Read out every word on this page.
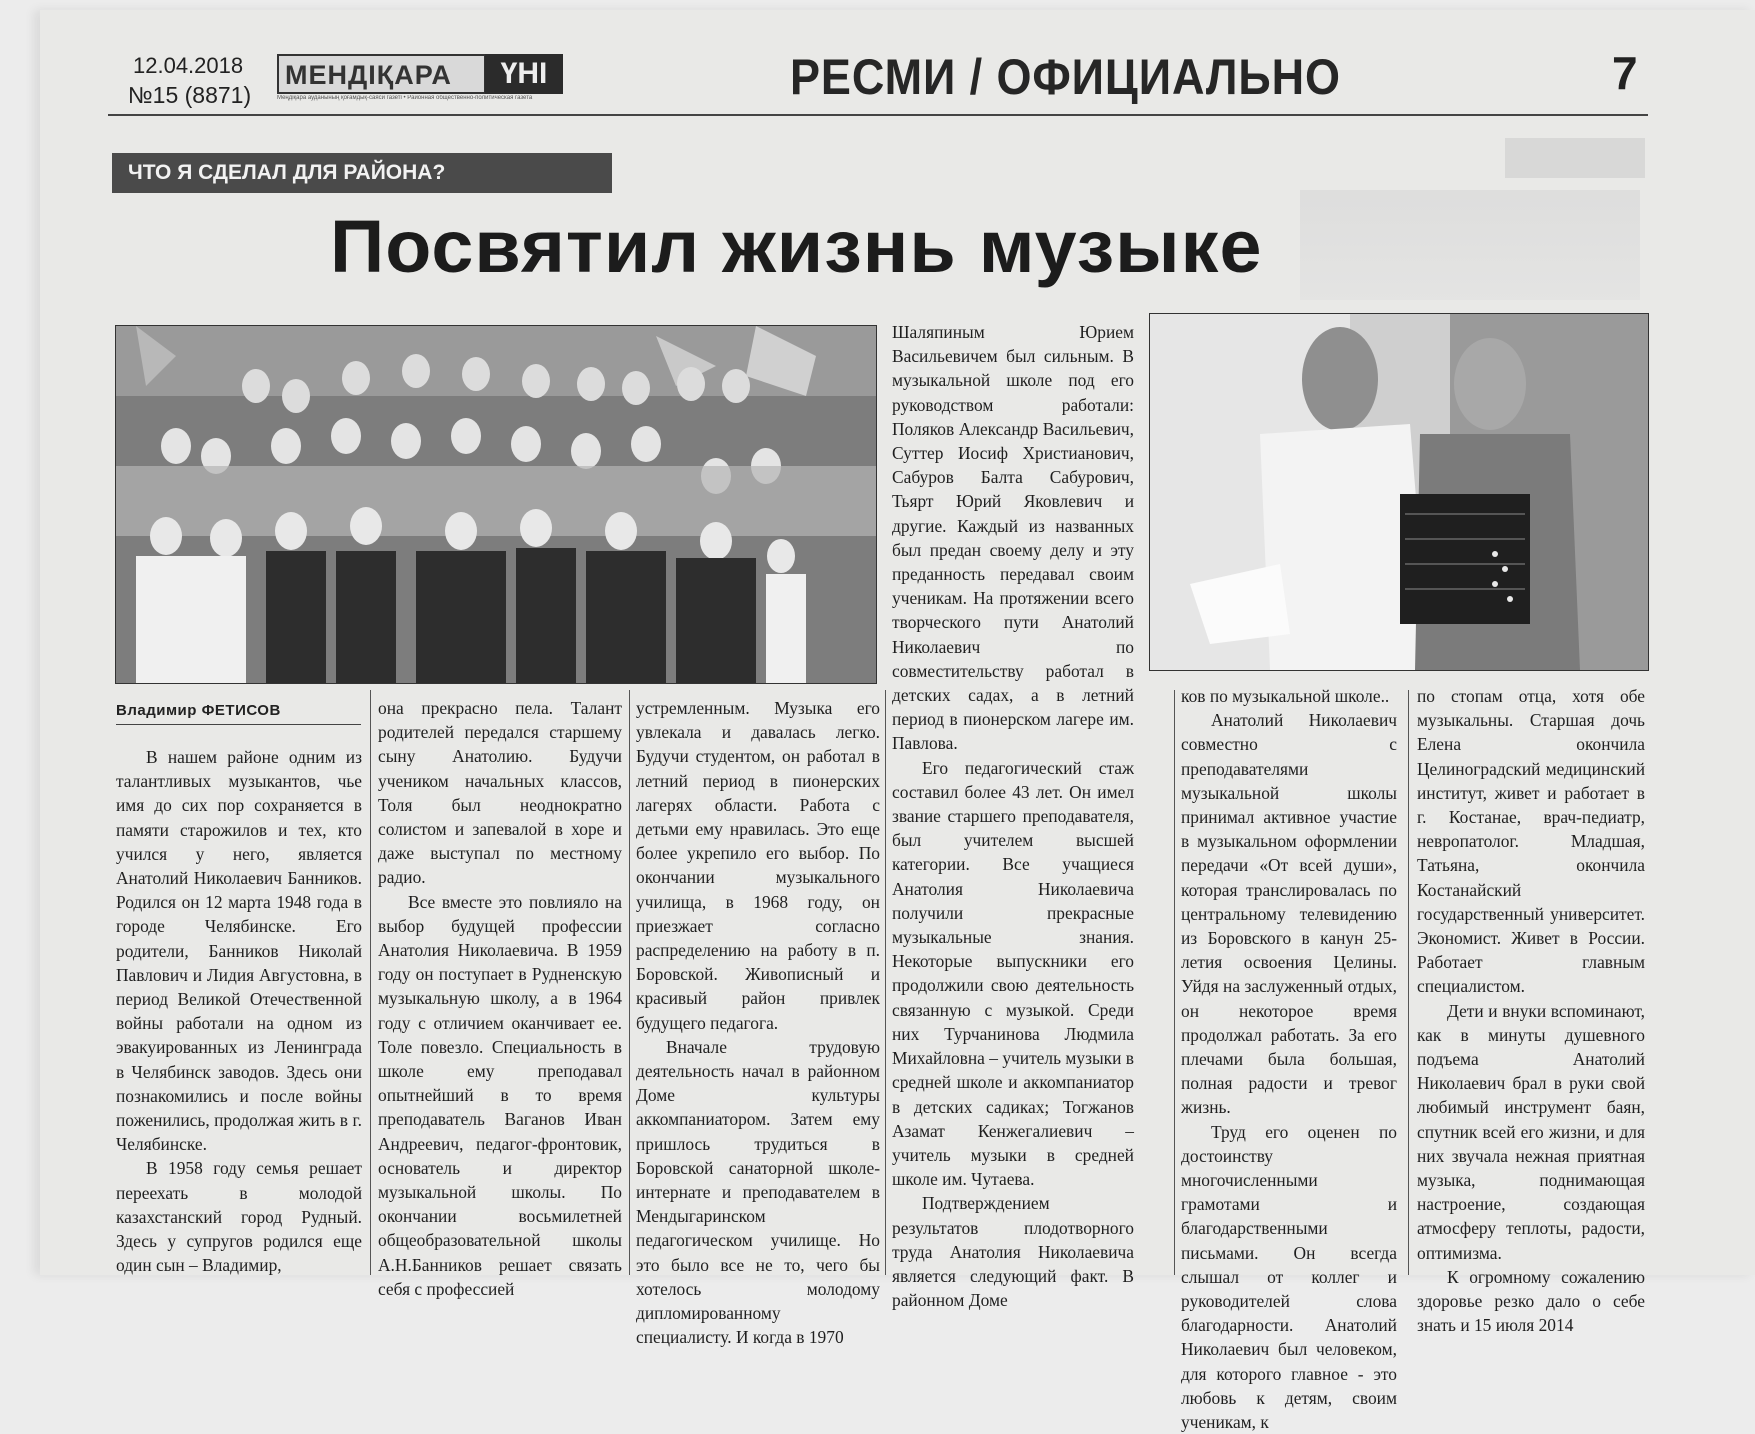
12.04.2018
№15 (8871)
МЕНДІҚАРА	ҮНІ
Меңдіқара ауданының қоғамдық-саяси газеті • Районная общественно-политическая газета	РЕСМИ / ОФИЦИАЛЬНО	7
ЧТО Я СДЕЛАЛ ДЛЯ РАЙОНА?
Посвятил жизнь музыке
Владимир ФЕТИСОВ

В нашем районе одним из талантливых музыкантов, чье имя до сих пор сохраняется в памяти старожилов и тех, кто учился у него, является Анатолий Николаевич Банников. Родился он 12 марта 1948 года в городе Челябинске. Его родители, Банников Николай Павлович и Лидия Августовна, в период Великой Отечественной войны работали на одном из эвакуированных из Ленинграда в Челябинск заводов. Здесь они познакомились и после войны поженились, продолжая жить в г. Челябинске.

В 1958 году семья решает переехать в молодой казахстанский город Рудный. Здесь у супругов родился еще один сын – Владимир,

она прекрасно пела. Талант родителей передался старшему сыну Анатолию. Будучи учеником начальных классов, Толя был неоднократно солистом и запевалой в хоре и даже выступал по местному радио.

Все вместе это повлияло на выбор будущей профессии Анатолия Николаевича. В 1959 году он поступает в Рудненскую музыкальную школу, а в 1964 году с отличием оканчивает ее. Толе повезло. Специальность в школе ему преподавал опытнейший в то время преподаватель Ваганов Иван Андреевич, педагог-фронтовик, основатель и директор музыкальной школы. По окончании восьмилетней общеобразовательной школы А.Н.Банников решает связать себя с профессией

устремленным. Музыка его увлекала и давалась легко. Будучи студентом, он работал в летний период в пионерских лагерях области. Работа с детьми ему нравилась. Это еще более укрепило его выбор. По окончании музыкального училища, в 1968 году, он приезжает согласно распределению на работу в п. Боровской. Живописный и красивый район привлек будущего педагога.

Вначале трудовую деятельность начал в районном Доме культуры аккомпаниатором. Затем ему пришлось трудиться в Боровской санаторной школе-интернате и преподавателем в Мендыгаринском педагогическом училище. Но это было все не то, чего бы хотелось молодому дипломированному специалисту. И когда в 1970

Шаляпиным Юрием Васильевичем был сильным. В музыкальной школе под его руководством работали: Поляков Александр Васильевич, Суттер Иосиф Христианович, Сабуров Балта Сабурович, Тьярт Юрий Яковлевич и другие. Каждый из названных был предан своему делу и эту преданность передавал своим ученикам. На протяжении всего творческого пути Анатолий Николаевич по совместительству работал в детских садах, а в летний период в пионерском лагере им. Павлова.

Его педагогический стаж составил более 43 лет. Он имел звание старшего преподавателя, был учителем высшей категории. Все учащиеся Анатолия Николаевича получили прекрасные музыкальные знания. Некоторые выпускники его продолжили свою деятельность связанную с музыкой. Среди них Турчанинова Людмила Михайловна – учитель музыки в средней школе и аккомпаниатор в детских садиках; Тогжанов Азамат Кенжегалиевич – учитель музыки в средней школе им. Чутаева.

Подтверждением результатов плодотворного труда Анатолия Николаевича является следующий факт. В районном Доме

ков по музыкальной школе..

Анатолий Николаевич совместно с преподавателями музыкальной школы принимал активное участие в музыкальном оформлении передачи «От всей души», которая транслировалась по центральному телевидению из Боровского в канун 25-летия освоения Целины. Уйдя на заслуженный отдых, он некоторое время продолжал работать. За его плечами была большая, полная радости и тревог жизнь.

Труд его оценен по достоинству многочисленными грамотами и благодарственными письмами. Он всегда слышал от коллег и руководителей слова благодарности. Анатолий Николаевич был человеком, для которого главное - это любовь к детям, своим ученикам, к

по стопам отца, хотя обе музыкальны. Старшая дочь Елена окончила Целиноградский медицинский институт, живет и работает в г. Костанае, врач-педиатр, невропатолог. Младшая, Татьяна, окончила Костанайский государственный университет. Экономист. Живет в России. Работает главным специалистом.

Дети и внуки вспоминают, как в минуты душевного подъема Анатолий Николаевич брал в руки свой любимый инструмент баян, спутник всей его жизни, и для них звучала нежная приятная музыка, поднимающая настроение, создающая атмосферу теплоты, радости, оптимизма.

К огромному сожалению здоровье резко дало о себе знать и 15 июля 2014
